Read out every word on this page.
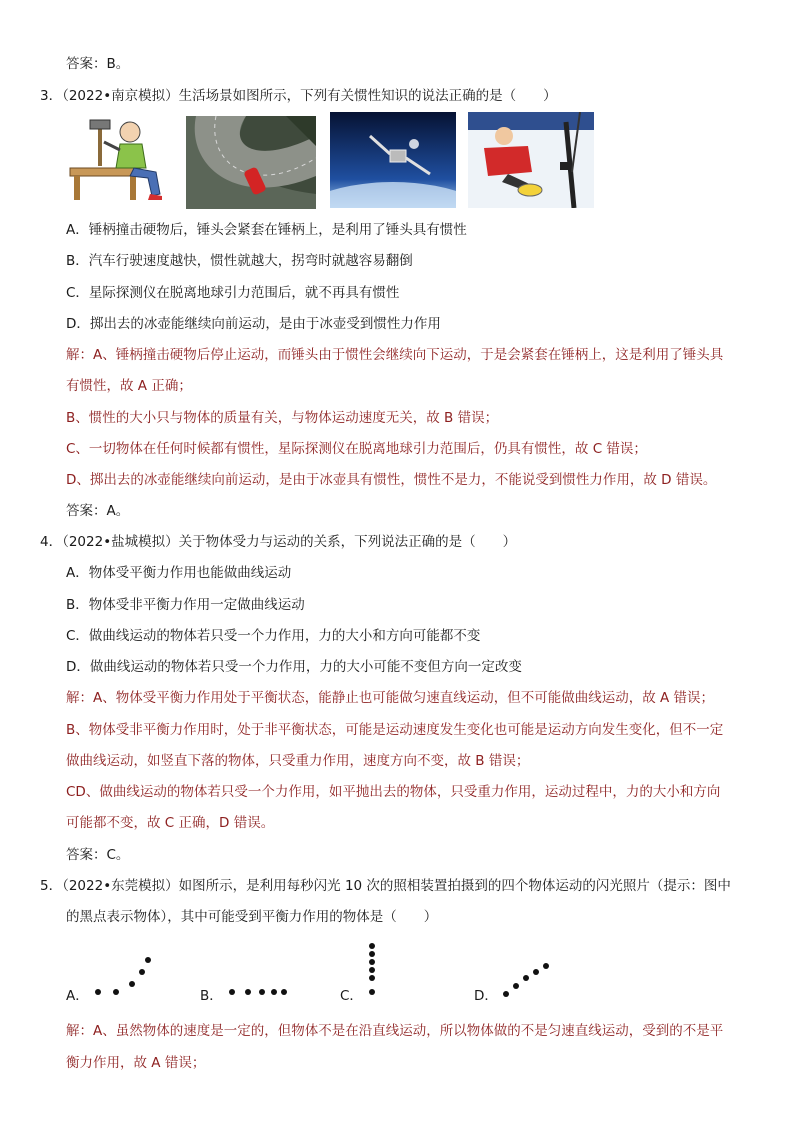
答案：B。
3．（2022•南京模拟）生活场景如图所示，下列有关惯性知识的说法正确的是（　　）
A．锤柄撞击硬物后，锤头会紧套在锤柄上，是利用了锤头具有惯性
B．汽车行驶速度越快，惯性就越大，拐弯时就越容易翻倒
C．星际探测仪在脱离地球引力范围后，就不再具有惯性
D．掷出去的冰壶能继续向前运动，是由于冰壶受到惯性力作用
解：A、锤柄撞击硬物后停止运动，而锤头由于惯性会继续向下运动，于是会紧套在锤柄上，这是利用了锤头具
有惯性，故 A 正确；
B、惯性的大小只与物体的质量有关，与物体运动速度无关，故 B 错误；
C、一切物体在任何时候都有惯性，星际探测仪在脱离地球引力范围后，仍具有惯性，故 C 错误；
D、掷出去的冰壶能继续向前运动，是由于冰壶具有惯性，惯性不是力，不能说受到惯性力作用，故 D 错误。
答案：A。
4．（2022•盐城模拟）关于物体受力与运动的关系，下列说法正确的是（　　）
A．物体受平衡力作用也能做曲线运动
B．物体受非平衡力作用一定做曲线运动
C．做曲线运动的物体若只受一个力作用，力的大小和方向可能都不变
D．做曲线运动的物体若只受一个力作用，力的大小可能不变但方向一定改变
解：A、物体受平衡力作用处于平衡状态，能静止也可能做匀速直线运动，但不可能做曲线运动，故 A 错误；
B、物体受非平衡力作用时，处于非平衡状态，可能是运动速度发生变化也可能是运动方向发生变化，但不一定
做曲线运动，如竖直下落的物体，只受重力作用，速度方向不变，故 B 错误；
CD、做曲线运动的物体若只受一个力作用，如平抛出去的物体，只受重力作用，运动过程中，力的大小和方向
可能都不变，故 C 正确，D 错误。
答案：C。
5．（2022•东莞模拟）如图所示，是利用每秒闪光 10 次的照相装置拍摄到的四个物体运动的闪光照片（提示：图中
的黑点表示物体），其中可能受到平衡力作用的物体是（　　）
A．	B．	C．	D．
解：A、虽然物体的速度是一定的，但物体不是在沿直线运动，所以物体做的不是匀速直线运动，受到的不是平
衡力作用，故 A 错误；
